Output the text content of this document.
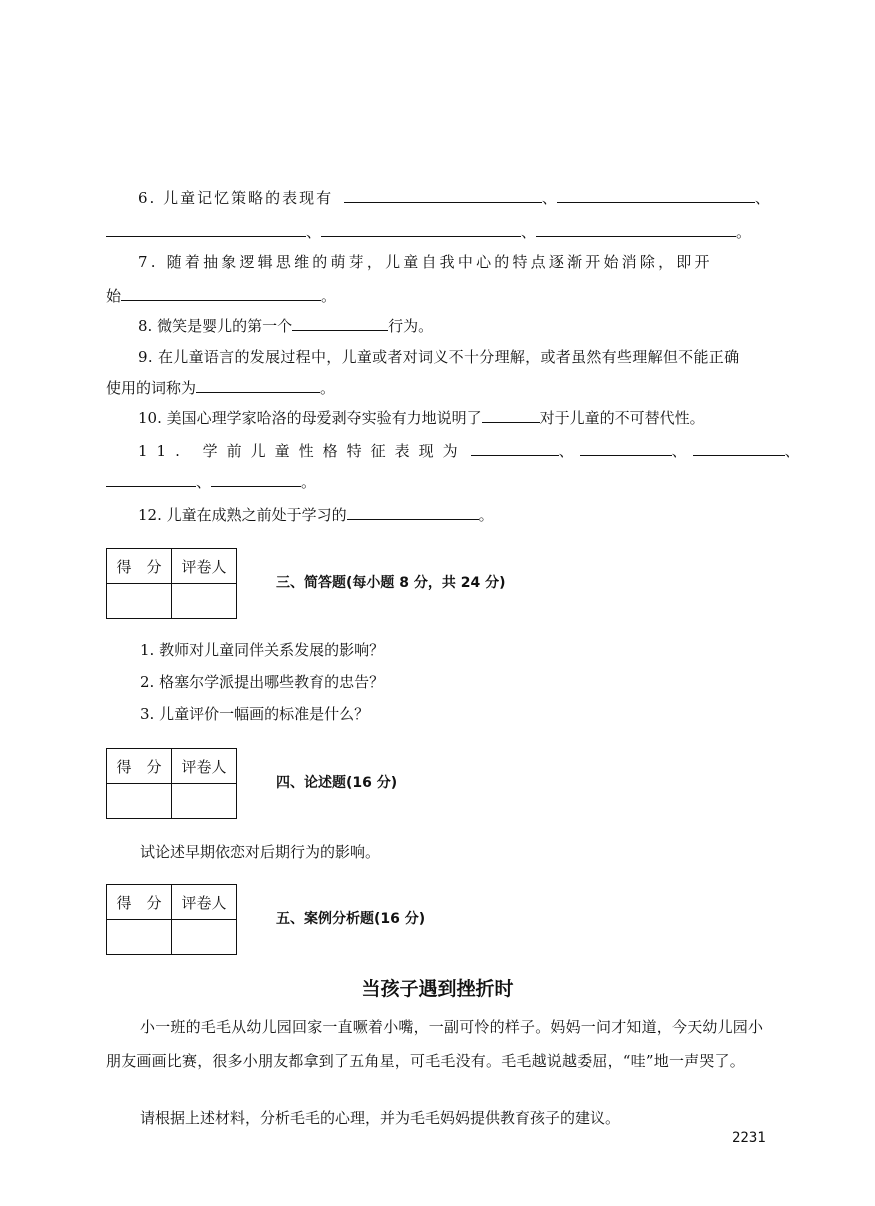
6. 儿童记忆策略的表现有	、	、
、	、	。
7. 随着抽象逻辑思维的萌芽，儿童自我中心的特点逐渐开始消除，即开
始	。
8. 微笑是婴儿的第一个	行为。
9. 在儿童语言的发展过程中，儿童或者对词义不十分理解，或者虽然有些理解但不能正确
使用的词称为	。
10. 美国心理学家哈洛的母爱剥夺实验有力地说明了	对于儿童的不可替代性。
11. 学前儿童性格特征表现为	、	、	、
、	。
12. 儿童在成熟之前处于学习的	。
得　分	评卷人

三、简答题(每小题 8 分，共 24 分)
1. 教师对儿童同伴关系发展的影响？
2. 格塞尔学派提出哪些教育的忠告？
3. 儿童评价一幅画的标准是什么？
得　分	评卷人

四、论述题(16 分)
试论述早期依恋对后期行为的影响。
得　分	评卷人

五、案例分析题(16 分)
当孩子遇到挫折时
小一班的毛毛从幼儿园回家一直噘着小嘴，一副可怜的样子。妈妈一问才知道，今天幼儿园小朋友画画比赛，很多小朋友都拿到了五角星，可毛毛没有。毛毛越说越委屈，“哇”地一声哭了。
请根据上述材料，分析毛毛的心理，并为毛毛妈妈提供教育孩子的建议。
2231
